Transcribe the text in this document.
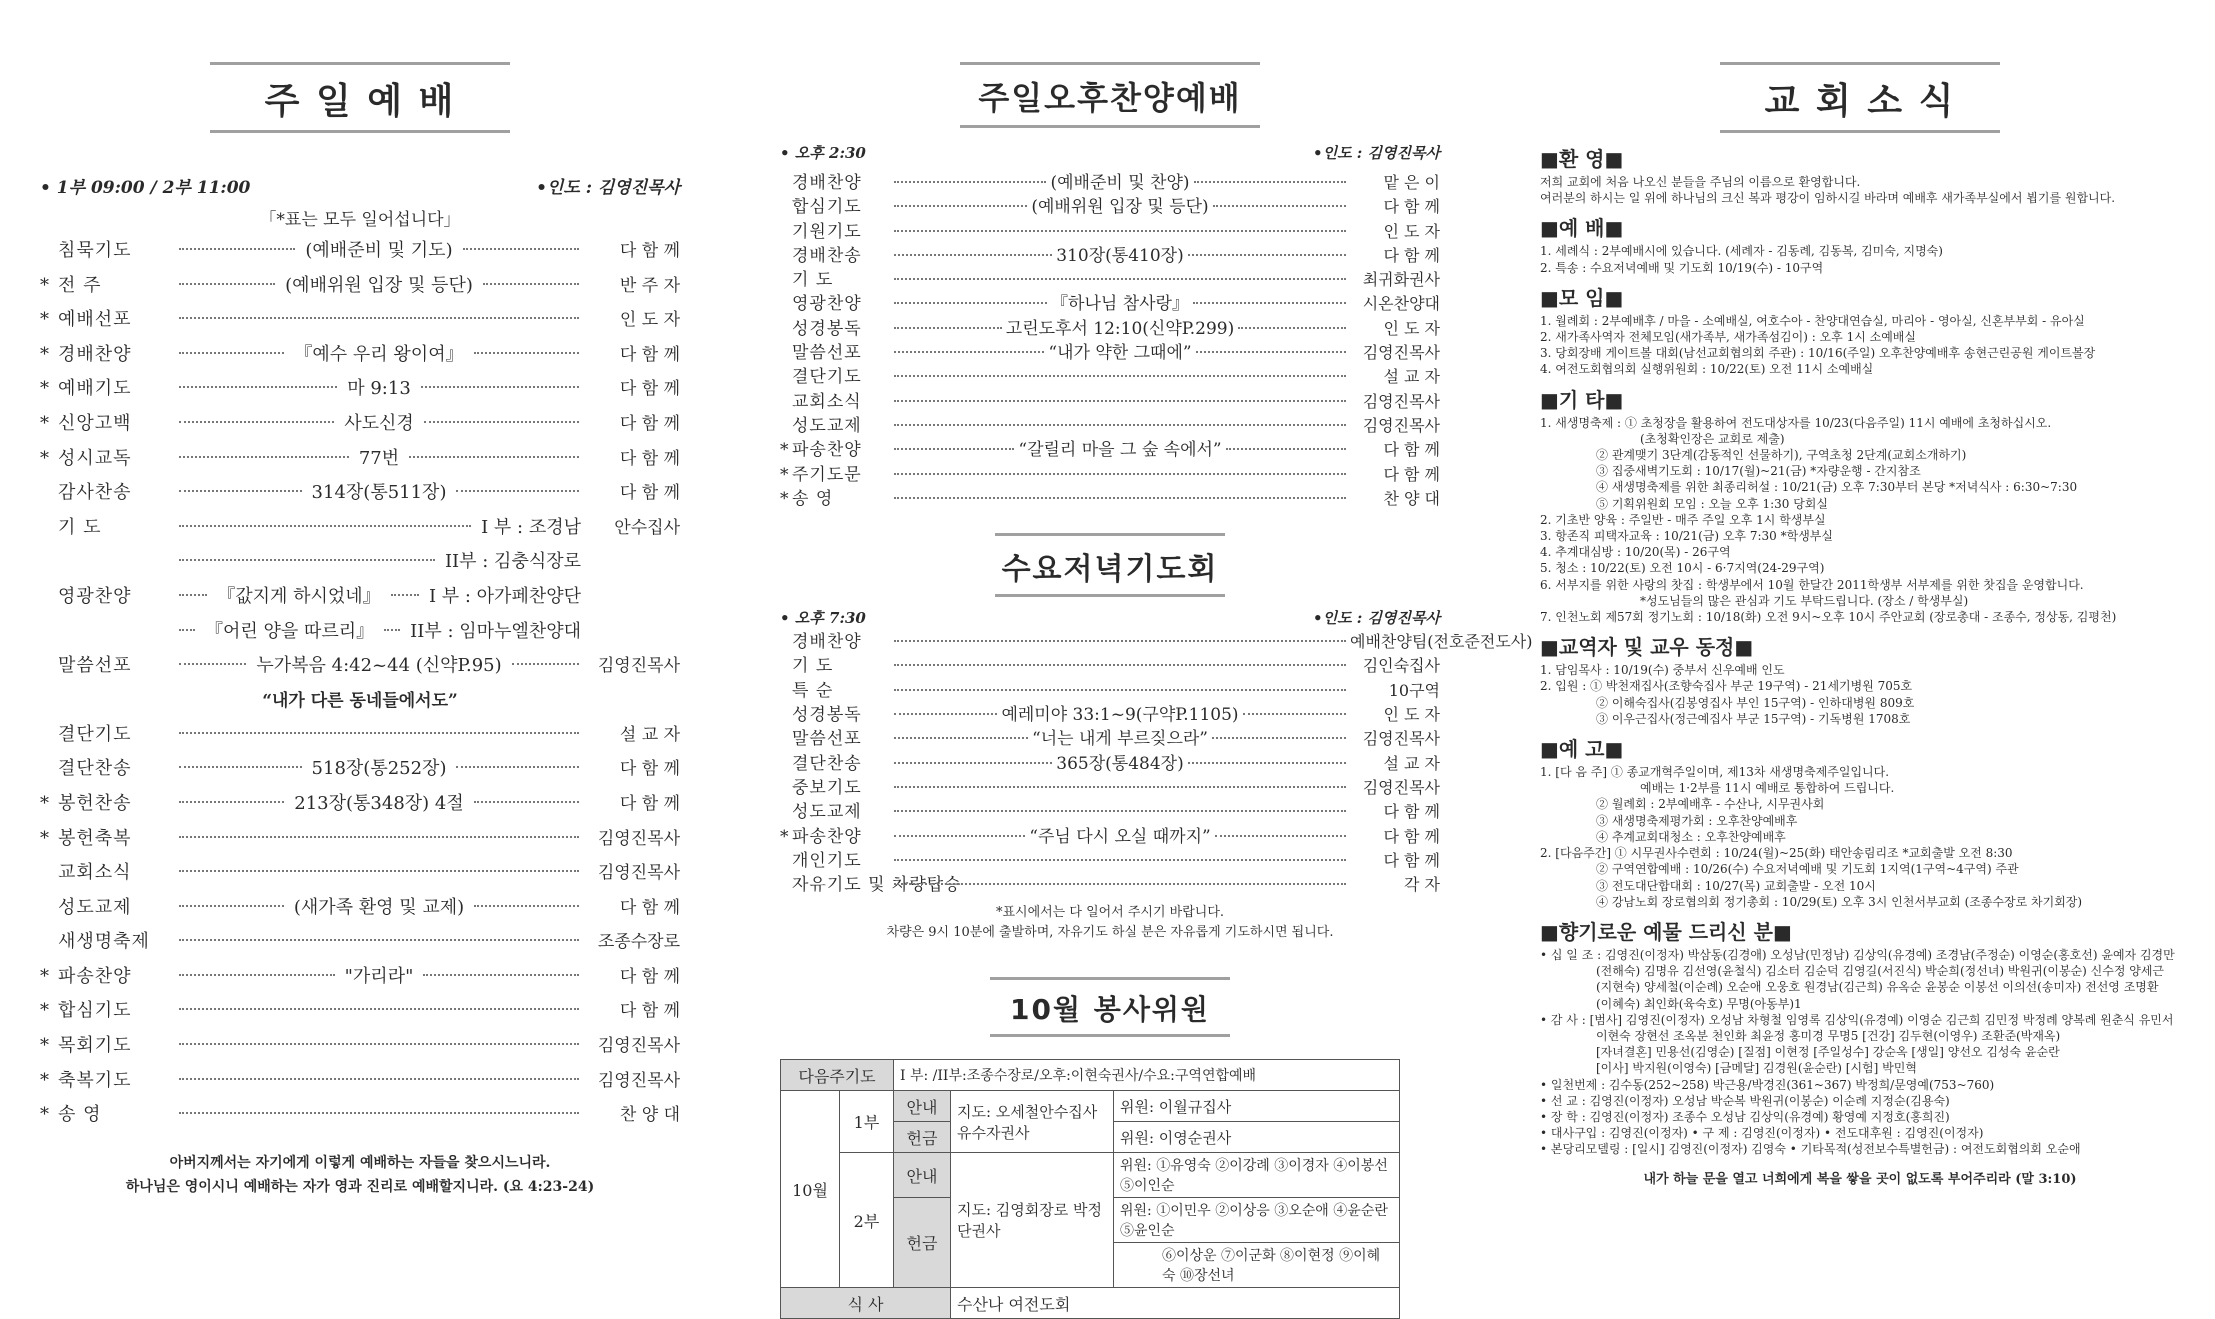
주 일 예 배
• 1부 09:00 / 2부 11:00	•인도 : 김영진목사
「*표는 모두 일어섭니다」
침묵기도	(예배준비 및 기도)	다 함 께
* 전 주	(예배위원 입장 및 등단)	반 주 자
* 예배선포	인 도 자
* 경배찬양	『예수 우리 왕이여』	다 함 께
* 예배기도	마 9:13	다 함 께
* 신앙고백	사도신경	다 함 께
* 성시교독	77번	다 함 께
감사찬송	314장(통511장)	다 함 께
기 도	I 부 : 조경남	안수집사
II부 : 김충식장로
영광찬양	『값지게 하시었네』	I 부 : 아가페찬양단
『어린 양을 따르리』 II부 : 임마누엘찬양대
말씀선포	누가복음 4:42~44 (신약P.95)	김영진목사
“내가 다른 동네들에서도”
결단기도	설 교 자
결단찬송	518장(통252장)	다 함 께
* 봉헌찬송	213장(통348장) 4절	다 함 께
* 봉헌축복	김영진목사
교회소식	김영진목사
성도교제	(새가족 환영 및 교제)	다 함 께
새생명축제	조종수장로
* 파송찬양	"가리라"	다 함 께
* 합심기도	다 함 께
* 목회기도	김영진목사
* 축복기도	김영진목사
* 송 영	찬 양 대
아버지께서는 자기에게 이렇게 예배하는 자들을 찾으시느니라.
하나님은 영이시니 예배하는 자가 영과 진리로 예배할지니라. (요 4:23-24)
주일오후찬양예배
• 오후 2:30	•인도 : 김영진목사
경배찬양	(예배준비 및 찬양)	맡 은 이
합심기도	(예배위원 입장 및 등단)	다 함 께
기원기도	인 도 자
경배찬송	310장(통410장)	다 함 께
기 도	최귀화권사
영광찬양	『하나님 참사랑』	시온찬양대
성경봉독	고린도후서 12:10(신약P.299)	인 도 자
말씀선포	“내가 약한 그때에”	김영진목사
결단기도	설 교 자
교회소식	김영진목사
성도교제	김영진목사
* 파송찬양	“갈릴리 마을 그 숲 속에서”	다 함 께
* 주기도문	다 함 께
* 송 영	찬 양 대
수요저녁기도회
• 오후 7:30	•인도 : 김영진목사
경배찬양	예배찬양팀(전호준전도사)
기 도	김인숙집사
특 순	10구역
성경봉독	예레미야 33:1~9(구약P.1105)	인 도 자
말씀선포	“너는 내게 부르짖으라”	김영진목사
결단찬송	365장(통484장)	설 교 자
중보기도	김영진목사
성도교제	다 함 께
* 파송찬양	“주님 다시 오실 때까지”	다 함 께
개인기도	다 함 께
자유기도 및 차량탑승	각 자
*표시에서는 다 일어서 주시기 바랍니다.
차량은 9시 10분에 출발하며, 자유기도 하실 분은 자유롭게 기도하시면 됩니다.
10월 봉사위원
다음주기도		I 부: /II부:조종수장로/오후:이현숙권사/수요:구역연합예배		
10월	1부	안내	지도: 오세철안수집사 유수자권사	위원: 이월규집사
		헌금		위원: 이영순권사
	2부	안내	지도: 김영회장로 박정단권사	위원: ①유영숙 ②이강례 ③이경자 ④이봉선 ⑤이인순
		헌금		위원: ①이민우 ②이상응 ③오순애 ④윤순란 ⑤윤인순
				⑥이상운 ⑦이군화 ⑧이현정 ⑨이혜숙 ⑩장선녀
식 사			수산나 여전도회	
교 회 소 식
■환 영■
저희 교회에 처음 나오신 분들을 주님의 이름으로 환영합니다.
여러분의 하시는 일 위에 하나님의 크신 복과 평강이 임하시길 바라며 예배후 새가족부실에서 뵙기를 원합니다.
■예 배■
1. 세례식 : 2부예배시에 있습니다. (세례자 - 김동례, 김동복, 김미숙, 지명숙)
2. 특송 : 수요저녁예배 및 기도회 10/19(수) - 10구역
■모 임■
1. 월례회 : 2부예배후 / 마을 - 소예배실, 여호수아 - 찬양대연습실, 마리아 - 영아실, 신혼부부회 - 유아실
2. 새가족사역자 전체모임(새가족부, 새가족섬김이) : 오후 1시 소예배실
3. 당회장배 게이트볼 대회(남선교회협의회 주관) : 10/16(주일) 오후찬양예배후 송현근린공원 게이트볼장
4. 여전도회협의회 실행위원회 : 10/22(토) 오전 11시 소예배실
■기 타■
1. 새생명축제 : ① 초청장을 활용하여 전도대상자를 10/23(다음주일) 11시 예배에 초청하십시오.
(초청확인장은 교회로 제출)
② 관계맺기 3단계(감동적인 선물하기), 구역초청 2단계(교회소개하기)
③ 집중새벽기도회 : 10/17(월)~21(금) *자량운행 - 간지참조
④ 새생명축제를 위한 최종리허설 : 10/21(금) 오후 7:30부터 본당 *저녁식사 : 6:30~7:30
⑤ 기획위원회 모임 : 오늘 오후 1:30 당회실
2. 기초반 양육 : 주일반 - 매주 주일 오후 1시 학생부실
3. 항존직 피택자교육 : 10/21(금) 오후 7:30 *학생부실
4. 추계대심방 : 10/20(목) - 26구역
5. 청소 : 10/22(토) 오전 10시 - 6·7지역(24-29구역)
6. 서부지를 위한 사랑의 찻집 : 학생부에서 10월 한달간 2011학생부 서부제를 위한 찻집을 운영합니다.
*성도님들의 많은 관심과 기도 부탁드립니다. (장소 / 학생부실)
7. 인천노회 제57회 정기노회 : 10/18(화) 오전 9시~오후 10시 주안교회 (장로총대 - 조종수, 정상동, 김평천)
■교역자 및 교우 동정■
1. 담임목사 : 10/19(수) 중부서 신우예배 인도
2. 입원 : ① 박천재집사(조향숙집사 부군 19구역) - 21세기병원 705호
② 이해숙집사(김봉영집사 부인 15구역) - 인하대병원 809호
③ 이우근집사(정근예집사 부군 15구역) - 기독병원 1708호
■예 고■
1. [다 음 주] ① 종교개혁주일이며, 제13차 새생명축제주일입니다.
예배는 1·2부를 11시 예배로 통합하여 드립니다.
② 월례회 : 2부예배후 - 수산나, 시무권사회
③ 새생명축제평가회 : 오후찬양예배후
④ 추계교회대청소 : 오후찬양예배후
2. [다음주간] ① 시무권사수련회 : 10/24(월)~25(화) 태안송림리조 *교회출발 오전 8:30
② 구역연합예배 : 10/26(수) 수요저녁예배 및 기도회 1지역(1구역~4구역) 주관
③ 전도대단합대회 : 10/27(목) 교회출발 - 오전 10시
④ 강남노회 장로협의회 정기총회 : 10/29(토) 오후 3시 인천서부교회 (조종수장로 차기회장)
■향기로운 예물 드리신 분■
• 십 일 조 : 김영진(이정자) 박삼동(김경애) 오성남(민정남) 김상익(유경예) 조경남(주정순) 이영순(홍호선) 윤예자 김경만
(전해숙) 김명유 김선영(윤철식) 김소터 김순덕 김영길(서진식) 박순희(정선녀) 박원귀(이봉순) 신수정 양세근
(지현숙) 양세철(이순례) 오순애 오웅호 원경남(김근희) 유옥순 윤봉순 이봉선 이의선(송미자) 전선영 조명환
(이혜숙) 최인화(육숙호) 무명(아동부)1
• 감 사 : [범사] 김영진(이정자) 오성남 차형철 임영록 김상익(유경예) 이영순 김근희 김민정 박정례 양복례 원춘식 유민서
이현숙 장현선 조옥분 천인화 최윤정 홍미경 무명5 [건강] 김두현(이영우) 조환준(박재옥)
[자녀결혼] 민용선(김영순) [질점] 이현정 [주일성수] 강순옥 [생일] 양선오 김성숙 윤순란
[이사] 박지원(이영숙) [금메달] 김경원(윤순란) [시험] 박민혁
• 일천번제 : 김수동(252~258) 박근용/박경진(361~367) 박정희/문영예(753~760)
• 선 교 : 김영진(이정자) 오성남 박순복 박원귀(이봉순) 이순례 지정순(김용숙)
• 장 학 : 김영진(이정자) 조종수 오성남 김상익(유경예) 황영예 지정호(홍희진)
• 대사구입 : 김영진(이정자) • 구 제 : 김영진(이정자) • 전도대후원 : 김영진(이정자)
• 본당리모델링 : [일시] 김영진(이정자) 김영숙 • 기타목적(성전보수특별헌금) : 여전도회협의회 오순애
내가 하늘 문을 열고 너희에게 복을 쌓을 곳이 없도록 부어주리라 (말 3:10)
